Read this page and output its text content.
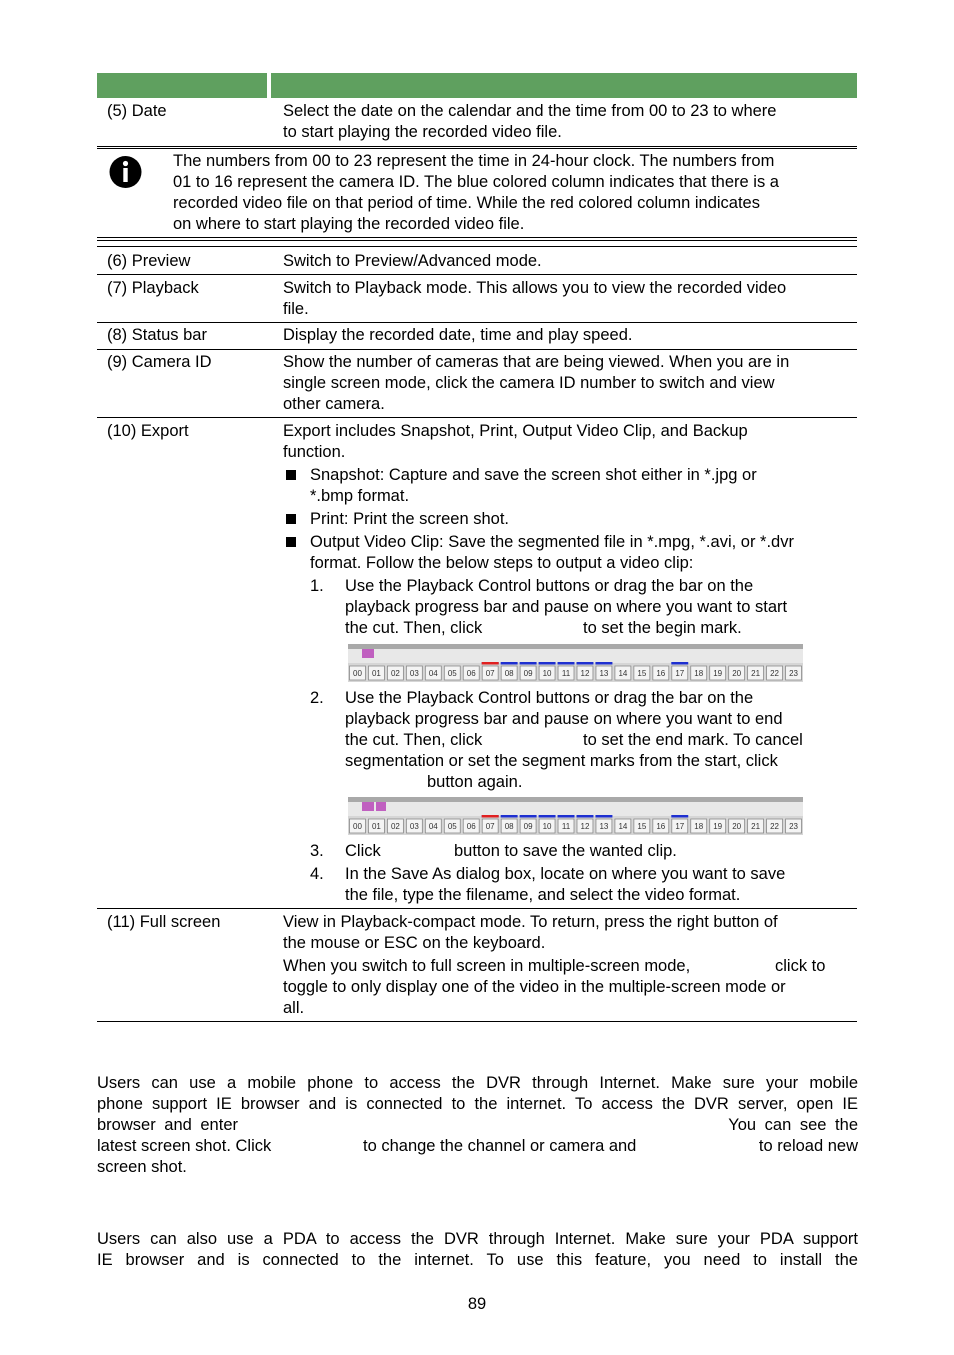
(5) Date	Select the date on the calendar and the time from 00 to 23 to where
to start playing the recorded video file.
The numbers from 00 to 23 represent the time in 24-hour clock. The numbers from
01 to 16 represent the camera ID. The blue colored column indicates that there is a
recorded video file on that period of time. While the red colored column indicates
on where to start playing the recorded video file.
(6) Preview	Switch to Preview/Advanced mode.
(7) Playback	Switch to Playback mode. This allows you to view the recorded video
file.
(8) Status bar	Display the recorded date, time and play speed.
(9) Camera ID	Show the number of cameras that are being viewed. When you are in
single screen mode, click the camera ID number to switch and view
other camera.
(10) Export	Export includes Snapshot, Print, Output Video Clip, and Backup
function.
Snapshot: Capture and save the screen shot either in *.jpg or
*.bmp format.
Print: Print the screen shot.
Output Video Clip: Save the segmented file in *.mpg, *.avi, or *.dvr
format. Follow the below steps to output a video clip:
1. Use the Playback Control buttons or drag the bar on the
playback progress bar and pause on where you want to start
the cut. Then, click	to set the begin mark.
00 01 02 03 04 05 06 07 08 09 10 11 12 13 14 15 16 17 18 19 20 21 22 23
2. Use the Playback Control buttons or drag the bar on the
playback progress bar and pause on where you want to end
the cut. Then, click	to set the end mark. To cancel
segmentation or set the segment marks from the start, click
button again.
00 01 02 03 04 05 06 07 08 09 10 11 12 13 14 15 16 17 18 19 20 21 22 23
3. Click	button to save the wanted clip.
4. In the Save As dialog box, locate on where you want to save
the file, type the filename, and select the video format.
(11) Full screen	View in Playback-compact mode. To return, press the right button of
the mouse or ESC on the keyboard.
When you switch to full screen in multiple-screen mode,	click to
toggle to only display one of the video in the multiple-screen mode or
all.
Users can use a mobile phone to access the DVR through Internet. Make sure your mobile
phone support IE browser and is connected to the internet. To access the DVR server, open IE
browser and enter	You can see the
latest screen shot. Click	to change the channel or camera and	to reload new
screen shot.
Users can also use a PDA to access the DVR through Internet. Make sure your PDA support
IE browser and is connected to the internet. To use this feature, you need to install the
89
